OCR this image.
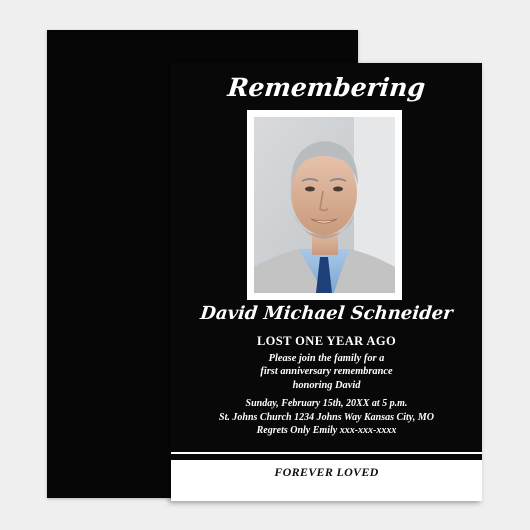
Remembering
David Michael Schneider
LOST ONE YEAR AGO
Please join the family for a
first anniversary remembrance
honoring David
Sunday, February 15th, 20XX at 5 p.m.
St. Johns Church 1234 Johns Way Kansas City, MO
Regrets Only Emily xxx-xxx-xxxx
FOREVER LOVED
